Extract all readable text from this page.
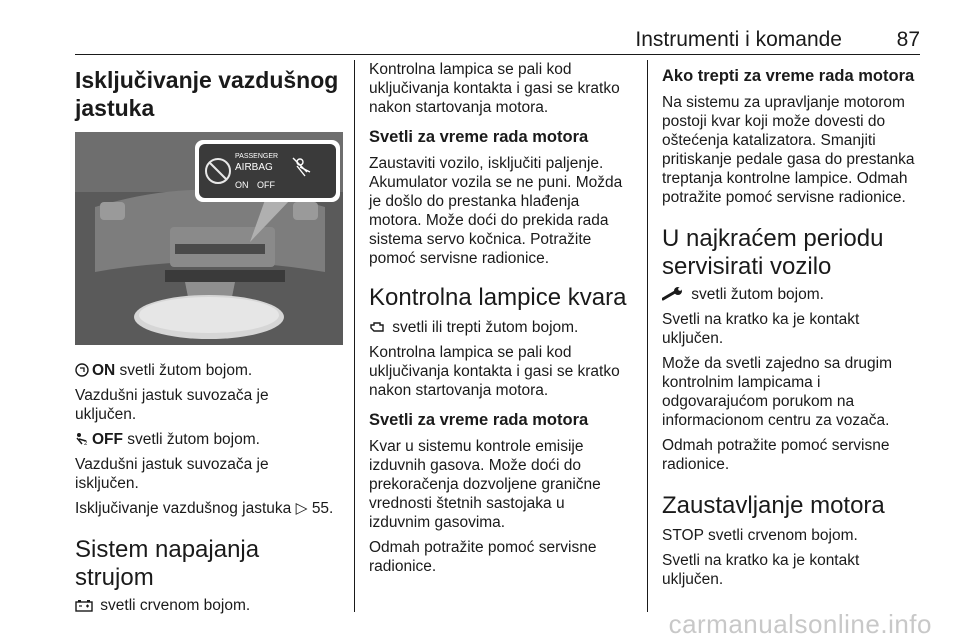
Instrumenti i komande	87
Isključivanje vazdušnog
jastuka
PASSENGER
AIRBAG
ON OFF

ON svetli žutom bojom.

Vazdušni jastuk suvozača je
uključen.

2 OFF svetli žutom bojom.

Vazdušni jastuk suvozača je
isključen.

Isključivanje vazdušnog jastuka ▷ 55.

Sistem napajanja strujom

svetli crvenom bojom.

Kontrolna lampica se pali kod
uključivanja kontakta i gasi se kratko
nakon startovanja motora.

Svetli za vreme rada motora

Zaustaviti vozilo, isključiti paljenje.
Akumulator vozila se ne puni. Možda
je došlo do prestanka hlađenja
motora. Može doći do prekida rada
sistema servo kočnica. Potražite
pomoć servisne radionice.

Kontrolna lampice kvara

svetli ili trepti žutom bojom.

Kontrolna lampica se pali kod
uključivanja kontakta i gasi se kratko
nakon startovanja motora.

Svetli za vreme rada motora

Kvar u sistemu kontrole emisije
izduvnih gasova. Može doći do
prekoračenja dozvoljene granične
vrednosti štetnih sastojaka u
izduvnim gasovima.

Odmah potražite pomoć servisne
radionice.

Ako trepti za vreme rada motora

Na sistemu za upravljanje motorom
postoji kvar koji može dovesti do
oštećenja katalizatora. Smanjiti
pritiskanje pedale gasa do prestanka
treptanja kontrolne lampice. Odmah
potražite pomoć servisne radionice.

U najkraćem periodu
servisirati vozilo

svetli žutom bojom.

Svetli na kratko ka je kontakt
uključen.

Može da svetli zajedno sa drugim
kontrolnim lampicama i
odgovarajućom porukom na
informacionom centru za vozača.

Odmah potražite pomoć servisne
radionice.

Zaustavljanje motora

STOP svetli crvenom bojom.

Svetli na kratko ka je kontakt
uključen.

carmanualsonline.info
